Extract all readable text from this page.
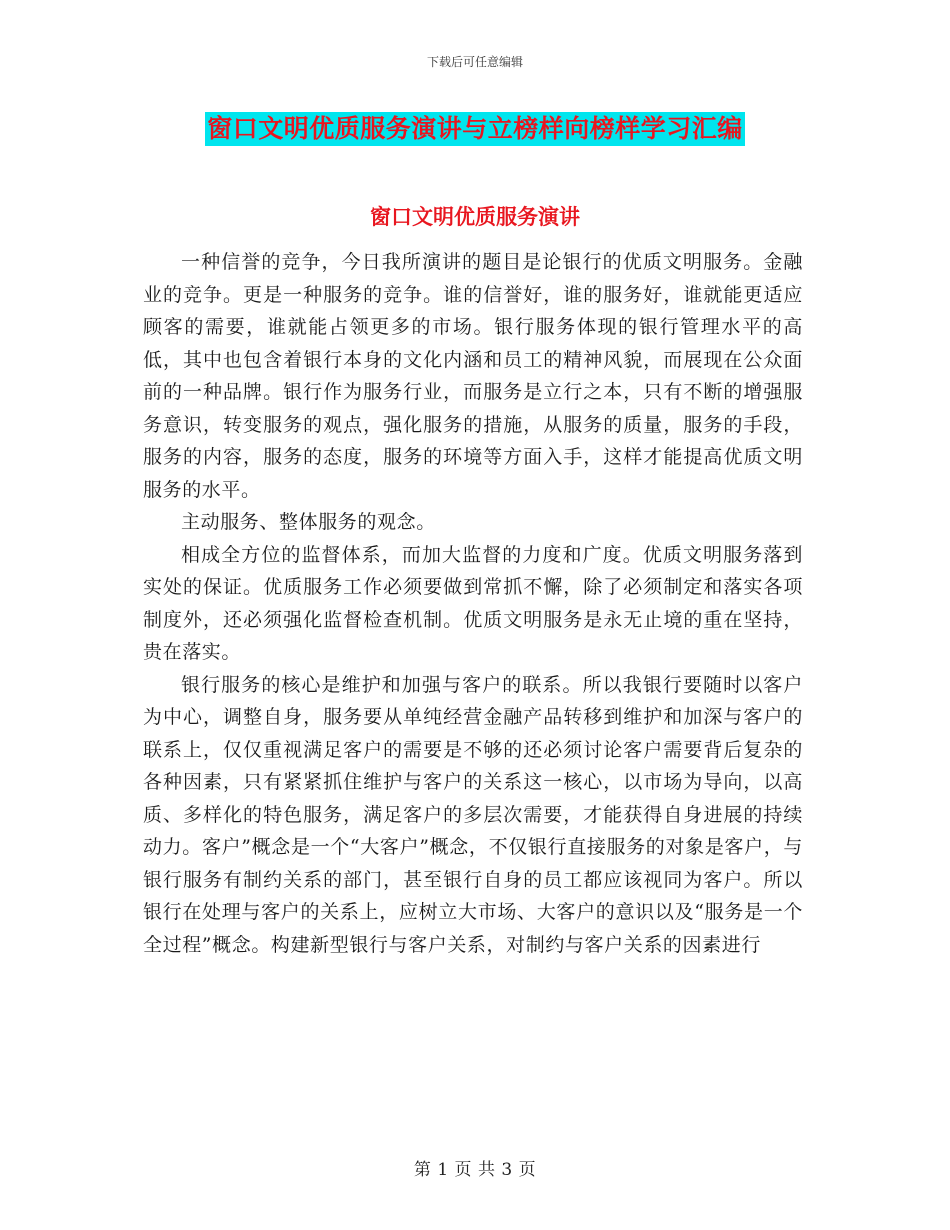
下载后可任意编辑
窗口文明优质服务演讲与立榜样向榜样学习汇编
窗口文明优质服务演讲

一种信誉的竞争，今日我所演讲的题目是论银行的优质文明服务。金融业的竞争。更是一种服务的竞争。谁的信誉好，谁的服务好，谁就能更适应顾客的需要，谁就能占领更多的市场。银行服务体现的银行管理水平的高低，其中也包含着银行本身的文化内涵和员工的精神风貌，而展现在公众面前的一种品牌。银行作为服务行业，而服务是立行之本，只有不断的增强服务意识，转变服务的观点，强化服务的措施，从服务的质量，服务的手段，服务的内容，服务的态度，服务的环境等方面入手，这样才能提高优质文明服务的水平。

主动服务、整体服务的观念。

相成全方位的监督体系，而加大监督的力度和广度。优质文明服务落到实处的保证。优质服务工作必须要做到常抓不懈，除了必须制定和落实各项制度外，还必须强化监督检查机制。优质文明服务是永无止境的重在坚持，贵在落实。

银行服务的核心是维护和加强与客户的联系。所以我银行要随时以客户为中心，调整自身，服务要从单纯经营金融产品转移到维护和加深与客户的联系上，仅仅重视满足客户的需要是不够的还必须讨论客户需要背后复杂的各种因素，只有紧紧抓住维护与客户的关系这一核心，以市场为导向，以高质、多样化的特色服务，满足客户的多层次需要，才能获得自身进展的持续动力。客户”概念是一个“大客户”概念，不仅银行直接服务的对象是客户，与银行服务有制约关系的部门，甚至银行自身的员工都应该视同为客户。所以银行在处理与客户的关系上，应树立大市场、大客户的意识以及“服务是一个全过程”概念。构建新型银行与客户关系，对制约与客户关系的因素进行

第 1 页 共 3 页
